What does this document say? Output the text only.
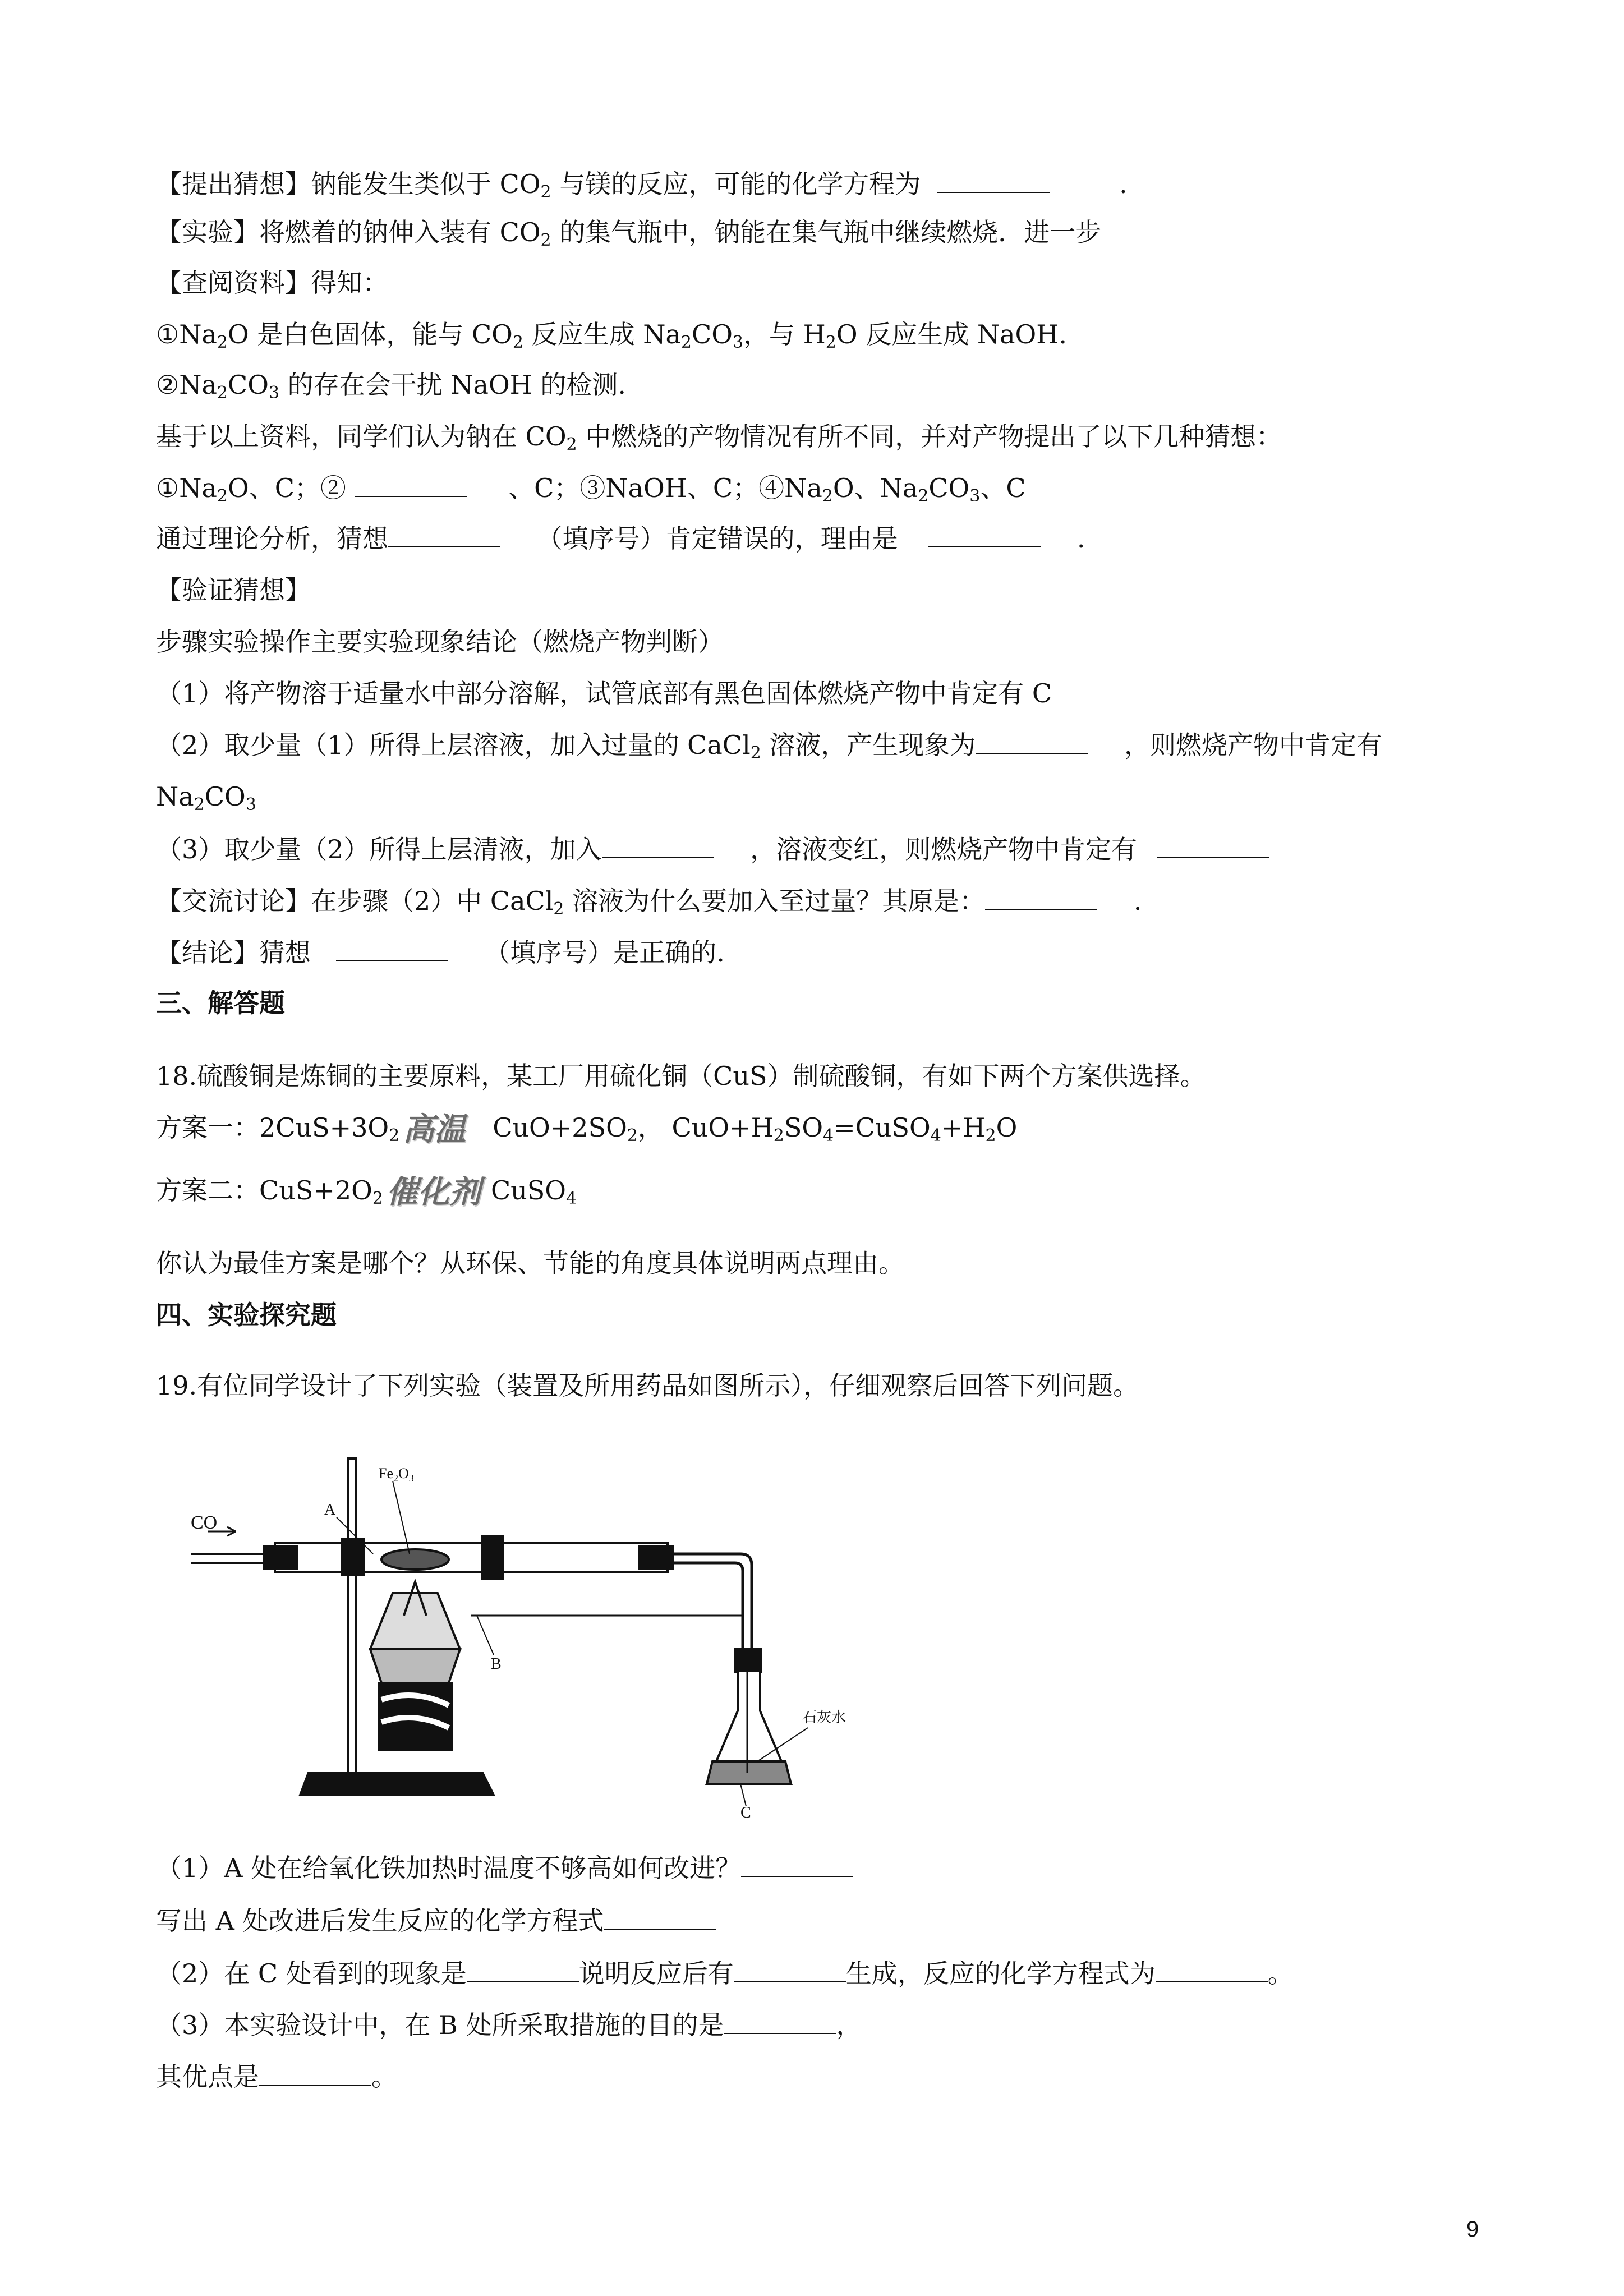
【提出猜想】钠能发生类似于 $CO_2$ 与镁的反应，可能的化学方程为	.
【实验】将燃着的钠伸入装有 $CO_2$ 的集气瓶中，钠能在集气瓶中继续燃烧．进一步
【查阅资料】得知：
$①Na_2O$ 是白色固体，能与 $CO_2$ 反应生成 $Na_2CO_3$，与 $H_2O$ 反应生成 NaOH.
$②Na_2CO_3$ 的存在会干扰 NaOH 的检测.
基于以上资料，同学们认为钠在 $CO_2$ 中燃烧的产物情况有所不同，并对产物提出了以下几种猜想：
$①Na_2O$、C；②	、C；③NaOH、C；$④Na_2O$、$Na_2CO_3$、C
通过理论分析，猜想	（填序号）肯定错误的，理由是	.
【验证猜想】
步骤实验操作主要实验现象结论（燃烧产物判断）
（1）将产物溶于适量水中部分溶解，试管底部有黑色固体燃烧产物中肯定有 C
（2）取少量（1）所得上层溶液，加入过量的 CaCl$_2$ 溶液，产生现象为	，则燃烧产物中肯定有
$Na_2CO_3$
（3）取少量（2）所得上层清液，加入	，溶液变红，则燃烧产物中肯定有
【交流讨论】在步骤（2）中 CaCl$_2$ 溶液为什么要加入至过量？其原是：	.
【结论】猜想	（填序号）是正确的.
三、解答题
18.硫酸铜是炼铜的主要原料，某工厂用硫化铜（CuS）制硫酸铜，有如下两个方案供选择。
方案一：$2CuS+3O_2$ 高温 $CuO+2SO_2$， $CuO+H_2SO_4=CuSO_4+H_2O$
方案二：$CuS+2O_2$ 催化剂 CuSO$_4$
你认为最佳方案是哪个？从环保、节能的角度具体说明两点理由。
四、实验探究题
19.有位同学设计了下列实验（装置及所用药品如图所示），仔细观察后回答下列问题。
CO
$Fe_2O_3$
A
B
石灰水
C
（1）A 处在给氧化铁加热时温度不够高如何改进？
写出 A 处改进后发生反应的化学方程式
（2）在 C 处看到的现象是	说明反应后有	生成，反应的化学方程式为	。
（3）本实验设计中，在 B 处所采取措施的目的是	，
其优点是	。
9
